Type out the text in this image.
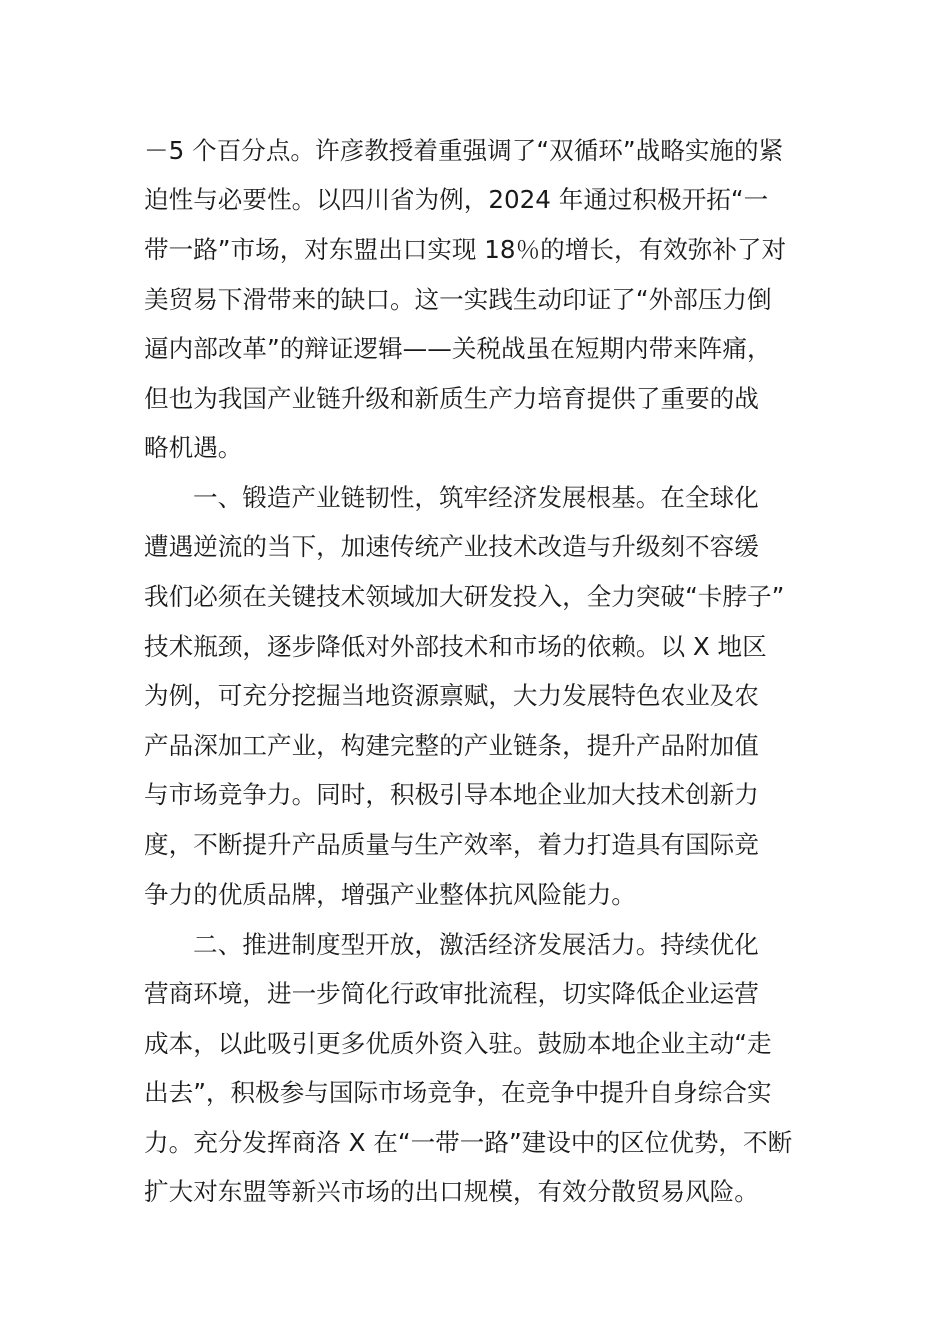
－5 个百分点。许彦教授着重强调了“双循环”战略实施的紧
迫性与必要性。以四川省为例，2024 年通过积极开拓“一
带一路”市场，对东盟出口实现 18％的增长，有效弥补了对
美贸易下滑带来的缺口。这一实践生动印证了“外部压力倒
逼内部改革”的辩证逻辑——关税战虽在短期内带来阵痛，
但也为我国产业链升级和新质生产力培育提供了重要的战
略机遇。
一、锻造产业链韧性，筑牢经济发展根基。在全球化
遭遇逆流的当下，加速传统产业技术改造与升级刻不容缓
我们必须在关键技术领域加大研发投入，全力突破“卡脖子”
技术瓶颈，逐步降低对外部技术和市场的依赖。以 X 地区
为例，可充分挖掘当地资源禀赋，大力发展特色农业及农
产品深加工产业，构建完整的产业链条，提升产品附加值
与市场竞争力。同时，积极引导本地企业加大技术创新力
度，不断提升产品质量与生产效率，着力打造具有国际竞
争力的优质品牌，增强产业整体抗风险能力。
二、推进制度型开放，激活经济发展活力。持续优化
营商环境，进一步简化行政审批流程，切实降低企业运营
成本，以此吸引更多优质外资入驻。鼓励本地企业主动“走
出去”，积极参与国际市场竞争，在竞争中提升自身综合实
力。充分发挥商洛 X 在“一带一路”建设中的区位优势，不断
扩大对东盟等新兴市场的出口规模，有效分散贸易风险。
